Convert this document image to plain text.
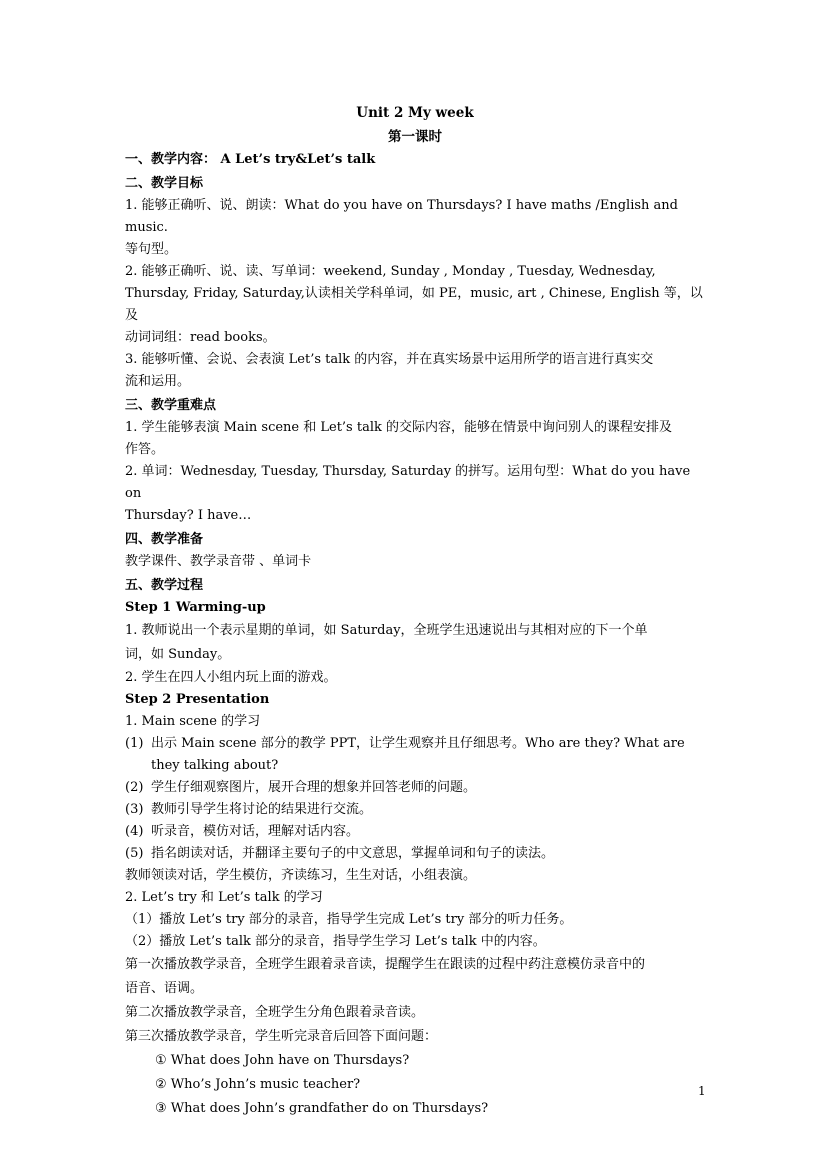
Unit 2 My week
第一课时
一、教学内容： A Let’s try&Let’s talk
二、教学目标
1. 能够正确听、说、朗读：What do you have on Thursdays? I have maths /English and music.
等句型。
2. 能够正确听、说、读、写单词：weekend, Sunday , Monday , Tuesday, Wednesday,
Thursday, Friday, Saturday,认读相关学科单词，如 PE，music, art , Chinese, English 等，以及
动词词组：read books。
3. 能够听懂、会说、会表演 Let’s talk 的内容，并在真实场景中运用所学的语言进行真实交
流和运用。
三、教学重难点
1. 学生能够表演 Main scene 和 Let’s talk 的交际内容，能够在情景中询问别人的课程安排及
作答。
2. 单词：Wednesday, Tuesday, Thursday, Saturday 的拼写。运用句型：What do you have on
Thursday? I have…
四、教学准备
教学课件、教学录音带 、单词卡
五、教学过程
Step 1 Warming-up
1. 教师说出一个表示星期的单词，如 Saturday，全班学生迅速说出与其相对应的下一个单
词，如 Sunday。
2. 学生在四人小组内玩上面的游戏。
Step 2 Presentation
1. Main scene 的学习
(1) 出示 Main scene 部分的教学 PPT，让学生观察并且仔细思考。Who are they? What are
they talking about?
(2) 学生仔细观察图片，展开合理的想象并回答老师的问题。
(3) 教师引导学生将讨论的结果进行交流。
(4) 听录音，模仿对话，理解对话内容。
(5) 指名朗读对话，并翻译主要句子的中文意思，掌握单词和句子的读法。
教师领读对话，学生模仿，齐读练习，生生对话，小组表演。
2. Let’s try 和 Let’s talk 的学习
（1）播放 Let’s try 部分的录音，指导学生完成 Let’s try 部分的听力任务。
（2）播放 Let’s talk 部分的录音，指导学生学习 Let’s talk 中的内容。
第一次播放教学录音，全班学生跟着录音读，提醒学生在跟读的过程中药注意模仿录音中的
语音、语调。
第二次播放教学录音，全班学生分角色跟着录音读。
第三次播放教学录音，学生听完录音后回答下面问题：
① What does John have on Thursdays?
② Who’s John’s music teacher?
③ What does John’s grandfather do on Thursdays?
1
